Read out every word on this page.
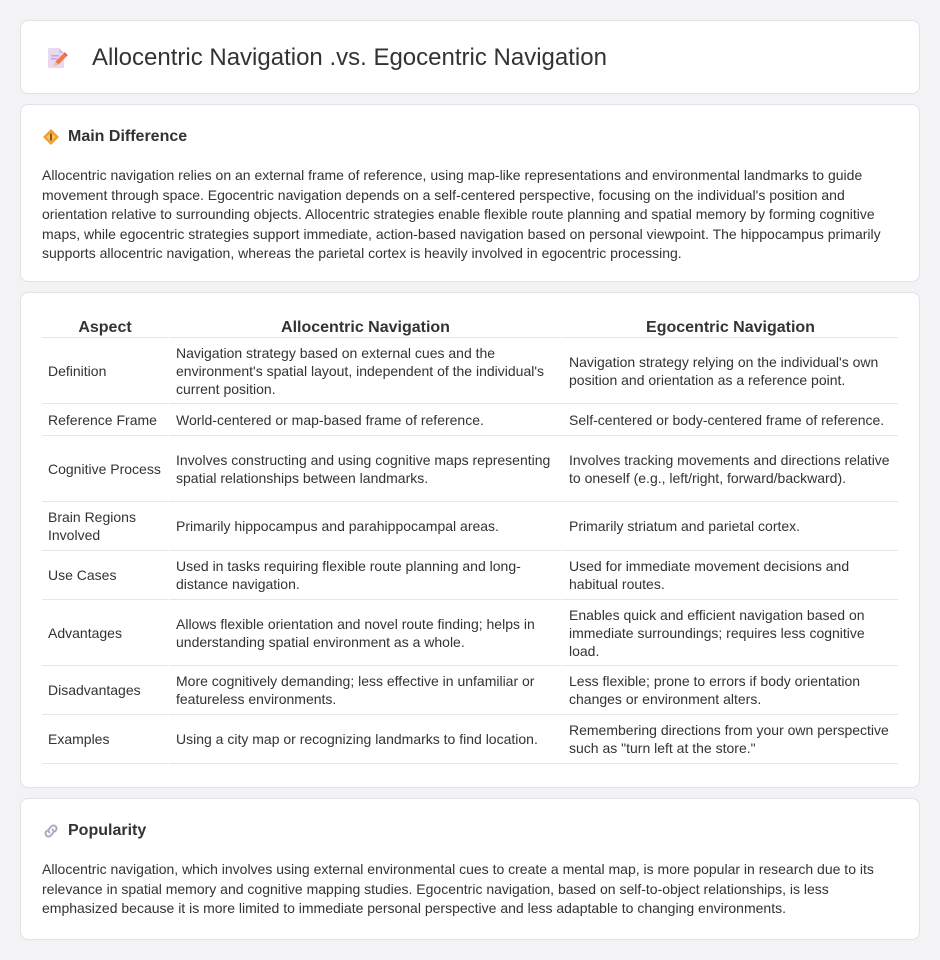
Allocentric Navigation .vs. Egocentric Navigation
Main Difference

Allocentric navigation relies on an external frame of reference, using map-like representations and environmental landmarks to guide movement through space. Egocentric navigation depends on a self-centered perspective, focusing on the individual's position and orientation relative to surrounding objects. Allocentric strategies enable flexible route planning and spatial memory by forming cognitive maps, while egocentric strategies support immediate, action-based navigation based on personal viewpoint. The hippocampus primarily supports allocentric navigation, whereas the parietal cortex is heavily involved in egocentric processing.

Aspect	Allocentric Navigation	Egocentric Navigation
Definition	Navigation strategy based on external cues and the environment's spatial layout, independent of the individual's current position.	Navigation strategy relying on the individual's own position and orientation as a reference point.
Reference Frame	World-centered or map-based frame of reference.	Self-centered or body-centered frame of reference.
Cognitive Process	Involves constructing and using cognitive maps representing spatial relationships between landmarks.	Involves tracking movements and directions relative to oneself (e.g., left/right, forward/backward).
Brain Regions Involved	Primarily hippocampus and parahippocampal areas.	Primarily striatum and parietal cortex.
Use Cases	Used in tasks requiring flexible route planning and long-distance navigation.	Used for immediate movement decisions and habitual routes.
Advantages	Allows flexible orientation and novel route finding; helps in understanding spatial environment as a whole.	Enables quick and efficient navigation based on immediate surroundings; requires less cognitive load.
Disadvantages	More cognitively demanding; less effective in unfamiliar or featureless environments.	Less flexible; prone to errors if body orientation changes or environment alters.
Examples	Using a city map or recognizing landmarks to find location.	Remembering directions from your own perspective such as "turn left at the store."
Popularity

Allocentric navigation, which involves using external environmental cues to create a mental map, is more popular in research due to its relevance in spatial memory and cognitive mapping studies. Egocentric navigation, based on self-to-object relationships, is less emphasized because it is more limited to immediate personal perspective and less adaptable to changing environments.
